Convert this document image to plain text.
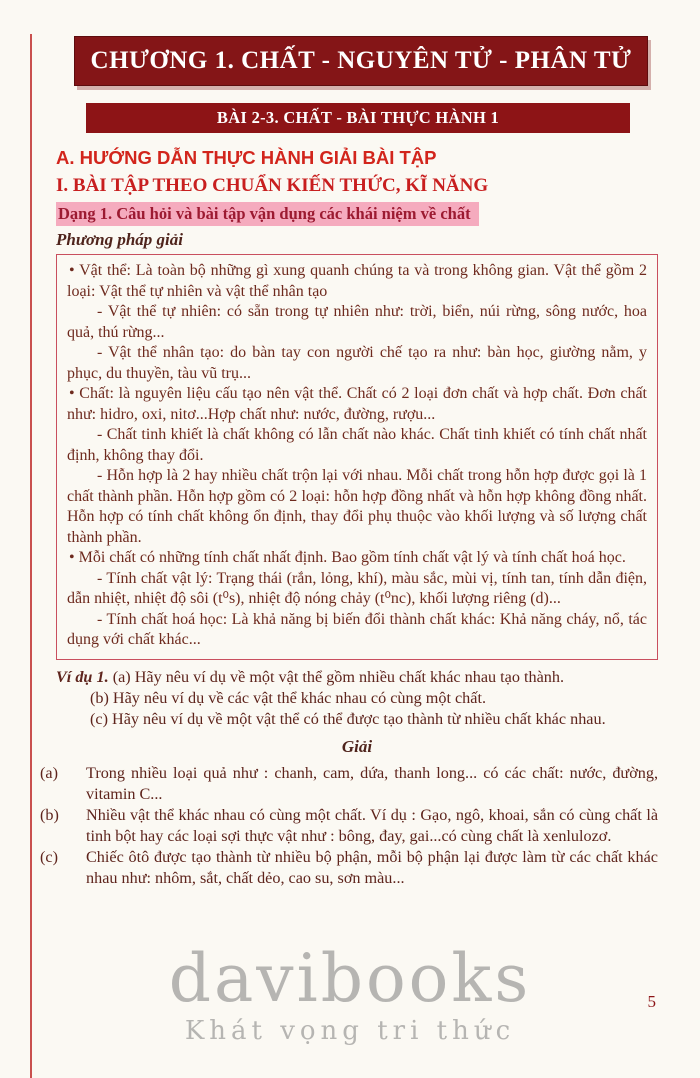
CHƯƠNG 1. CHẤT - NGUYÊN TỬ - PHÂN TỬ
BÀI 2-3. CHẤT - BÀI THỰC HÀNH 1
A. HƯỚNG DẪN THỰC HÀNH GIẢI BÀI TẬP
I. BÀI TẬP THEO CHUẨN KIẾN THỨC, KĨ NĂNG
Dạng 1. Câu hỏi và bài tập vận dụng các khái niệm về chất
Phương pháp giải

• Vật thể: Là toàn bộ những gì xung quanh chúng ta và trong không gian. Vật thể gồm 2 loại: Vật thể tự nhiên và vật thể nhân tạo

- Vật thể tự nhiên: có sẵn trong tự nhiên như: trời, biển, núi rừng, sông nước, hoa quả, thú rừng...

- Vật thể nhân tạo: do bàn tay con người chế tạo ra như: bàn học, giường nằm, y phục, du thuyền, tàu vũ trụ...

• Chất: là nguyên liệu cấu tạo nên vật thể. Chất có 2 loại đơn chất và hợp chất. Đơn chất như: hidro, oxi, nitơ...Hợp chất như: nước, đường, rượu...

- Chất tinh khiết là chất không có lẫn chất nào khác. Chất tinh khiết có tính chất nhất định, không thay đổi.

- Hỗn hợp là 2 hay nhiều chất trộn lại với nhau. Mỗi chất trong hỗn hợp được gọi là 1 chất thành phần. Hỗn hợp gồm có 2 loại: hỗn hợp đồng nhất và hỗn hợp không đồng nhất. Hỗn hợp có tính chất không ổn định, thay đổi phụ thuộc vào khối lượng và số lượng chất thành phần.

• Mỗi chất có những tính chất nhất định. Bao gồm tính chất vật lý và tính chất hoá học.

- Tính chất vật lý: Trạng thái (rắn, lỏng, khí), màu sắc, mùi vị, tính tan, tính dẫn điện, dẫn nhiệt, nhiệt độ sôi (t⁰s), nhiệt độ nóng chảy (t⁰nc), khối lượng riêng (d)...

- Tính chất hoá học: Là khả năng bị biến đổi thành chất khác: Khả năng cháy, nổ, tác dụng với chất khác...

Ví dụ 1. (a) Hãy nêu ví dụ về một vật thể gồm nhiều chất khác nhau tạo thành.

(b) Hãy nêu ví dụ về các vật thể khác nhau có cùng một chất.

(c) Hãy nêu ví dụ về một vật thể có thể được tạo thành từ nhiều chất khác nhau.

Giải
(a)	Trong nhiều loại quả như : chanh, cam, dứa, thanh long... có các chất: nước, đường, vitamin C...
(b)	Nhiều vật thể khác nhau có cùng một chất. Ví dụ : Gạo, ngô, khoai, sắn có cùng chất là tinh bột hay các loại sợi thực vật như : bông, đay, gai...có cùng chất là xenlulozơ.
(c)	Chiếc ôtô được tạo thành từ nhiều bộ phận, mỗi bộ phận lại được làm từ các chất khác nhau như: nhôm, sắt, chất dẻo, cao su, sơn màu...
davibooks
Khát vọng tri thức
5
